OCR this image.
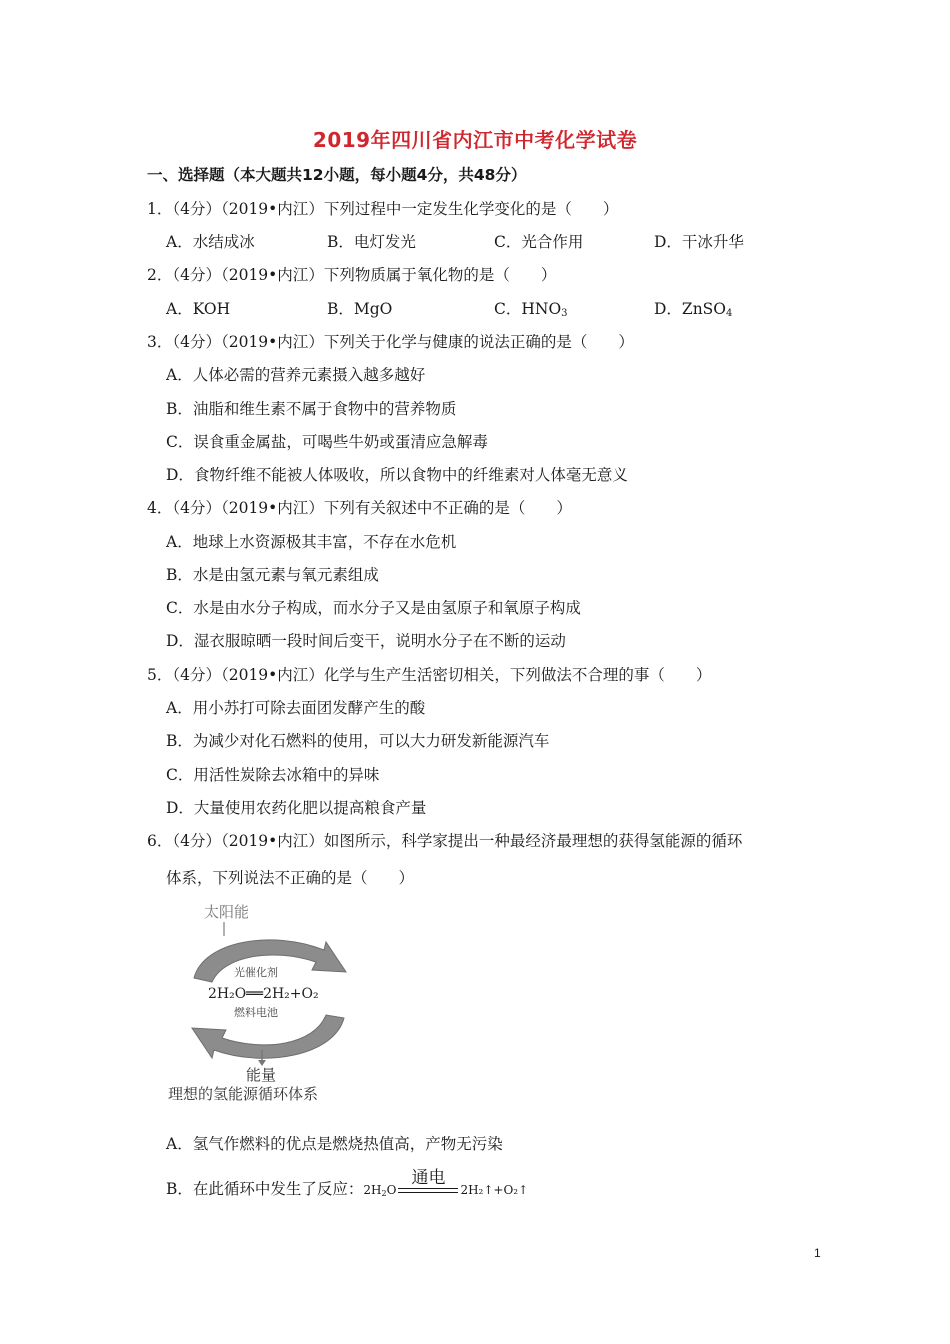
2019年四川省内江市中考化学试卷
一、选择题（本大题共12小题，每小题4分，共48分）
1．（4分）（2019•内江）下列过程中一定发生化学变化的是（　　）
A．水结成冰	B．电灯发光	C．光合作用	D．干冰升华
2．（4分）（2019•内江）下列物质属于氧化物的是（　　）
A．KOH	B．MgO	C．$HNO_3$	D．ZnSO$_4$
3．（4分）（2019•内江）下列关于化学与健康的说法正确的是（　　）
A．人体必需的营养元素摄入越多越好
B．油脂和维生素不属于食物中的营养物质
C．误食重金属盐，可喝些牛奶或蛋清应急解毒
D．食物纤维不能被人体吸收，所以食物中的纤维素对人体毫无意义
4．（4分）（2019•内江）下列有关叙述中不正确的是（　　）
A．地球上水资源极其丰富，不存在水危机
B．水是由氢元素与氧元素组成
C．水是由水分子构成，而水分子又是由氢原子和氧原子构成
D．湿衣服晾晒一段时间后变干，说明水分子在不断的运动
5．（4分）（2019•内江）化学与生产生活密切相关，下列做法不合理的事（　　）
A．用小苏打可除去面团发酵产生的酸
B．为减少对化石燃料的使用，可以大力研发新能源汽车
C．用活性炭除去冰箱中的异味
D．大量使用农药化肥以提高粮食产量
6．（4分）（2019•内江）如图所示，科学家提出一种最经济最理想的获得氢能源的循环
体系，下列说法不正确的是（　　）
太阳能
光催化剂
2H₂O══2H₂+O₂
燃料电池
能量
理想的氢能源循环体系
A．氢气作燃料的优点是燃烧热值高，产物无污染
B．在此循环中发生了反应：$2H_2O$
通电
2H₂↑+O₂↑
1
